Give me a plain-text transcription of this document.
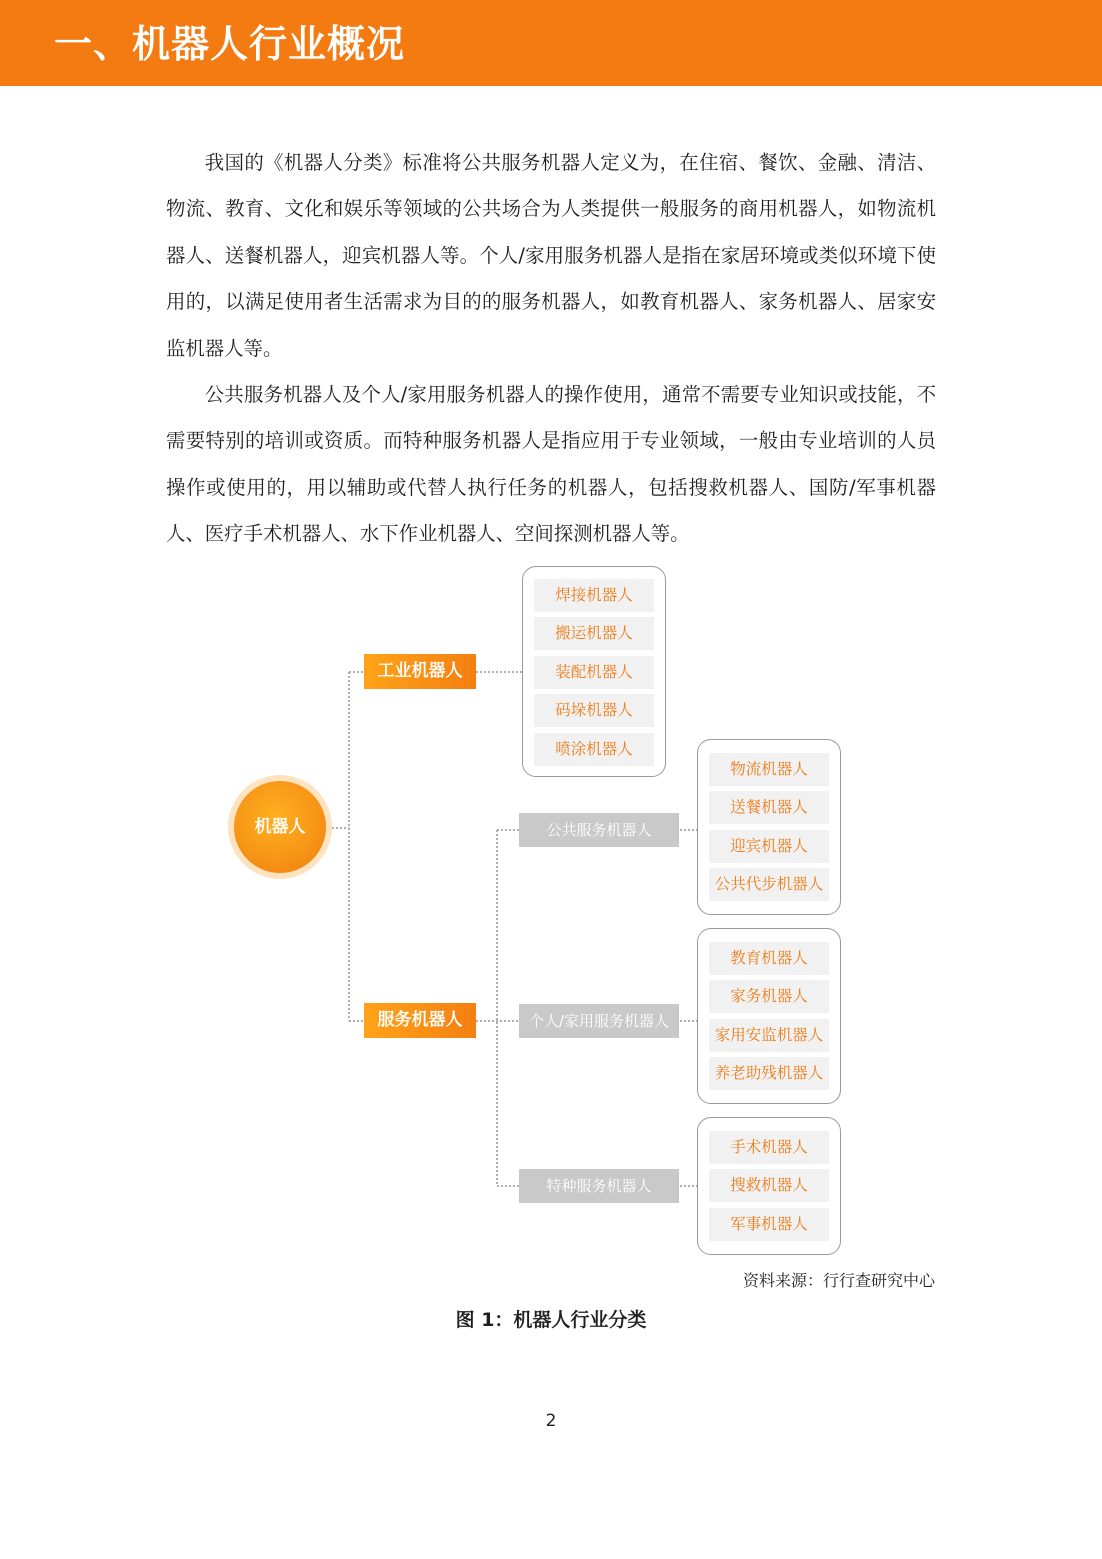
一、机器人行业概况

我国的《机器人分类》标准将公共服务机器人定义为，在住宿、餐饮、金融、清洁、物流、教育、文化和娱乐等领域的公共场合为人类提供一般服务的商用机器人，如物流机器人、送餐机器人，迎宾机器人等。个人/家用服务机器人是指在家居环境或类似环境下使用的，以满足使用者生活需求为目的的服务机器人，如教育机器人、家务机器人、居家安监机器人等。

公共服务机器人及个人/家用服务机器人的操作使用，通常不需要专业知识或技能，不需要特别的培训或资质。而特种服务机器人是指应用于专业领域，一般由专业培训的人员操作或使用的，用以辅助或代替人执行任务的机器人，包括搜救机器人、国防/军事机器人、医疗手术机器人、水下作业机器人、空间探测机器人等。

机器人
工业机器人
服务机器人
公共服务机器人
个人/家用服务机器人
特种服务机器人
焊接机器人
搬运机器人
装配机器人
码垛机器人
喷涂机器人
物流机器人
送餐机器人
迎宾机器人
公共代步机器人
教育机器人
家务机器人
家用安监机器人
养老助残机器人
手术机器人
搜救机器人
军事机器人
资料来源：行行查研究中心
图 1：机器人行业分类
2
